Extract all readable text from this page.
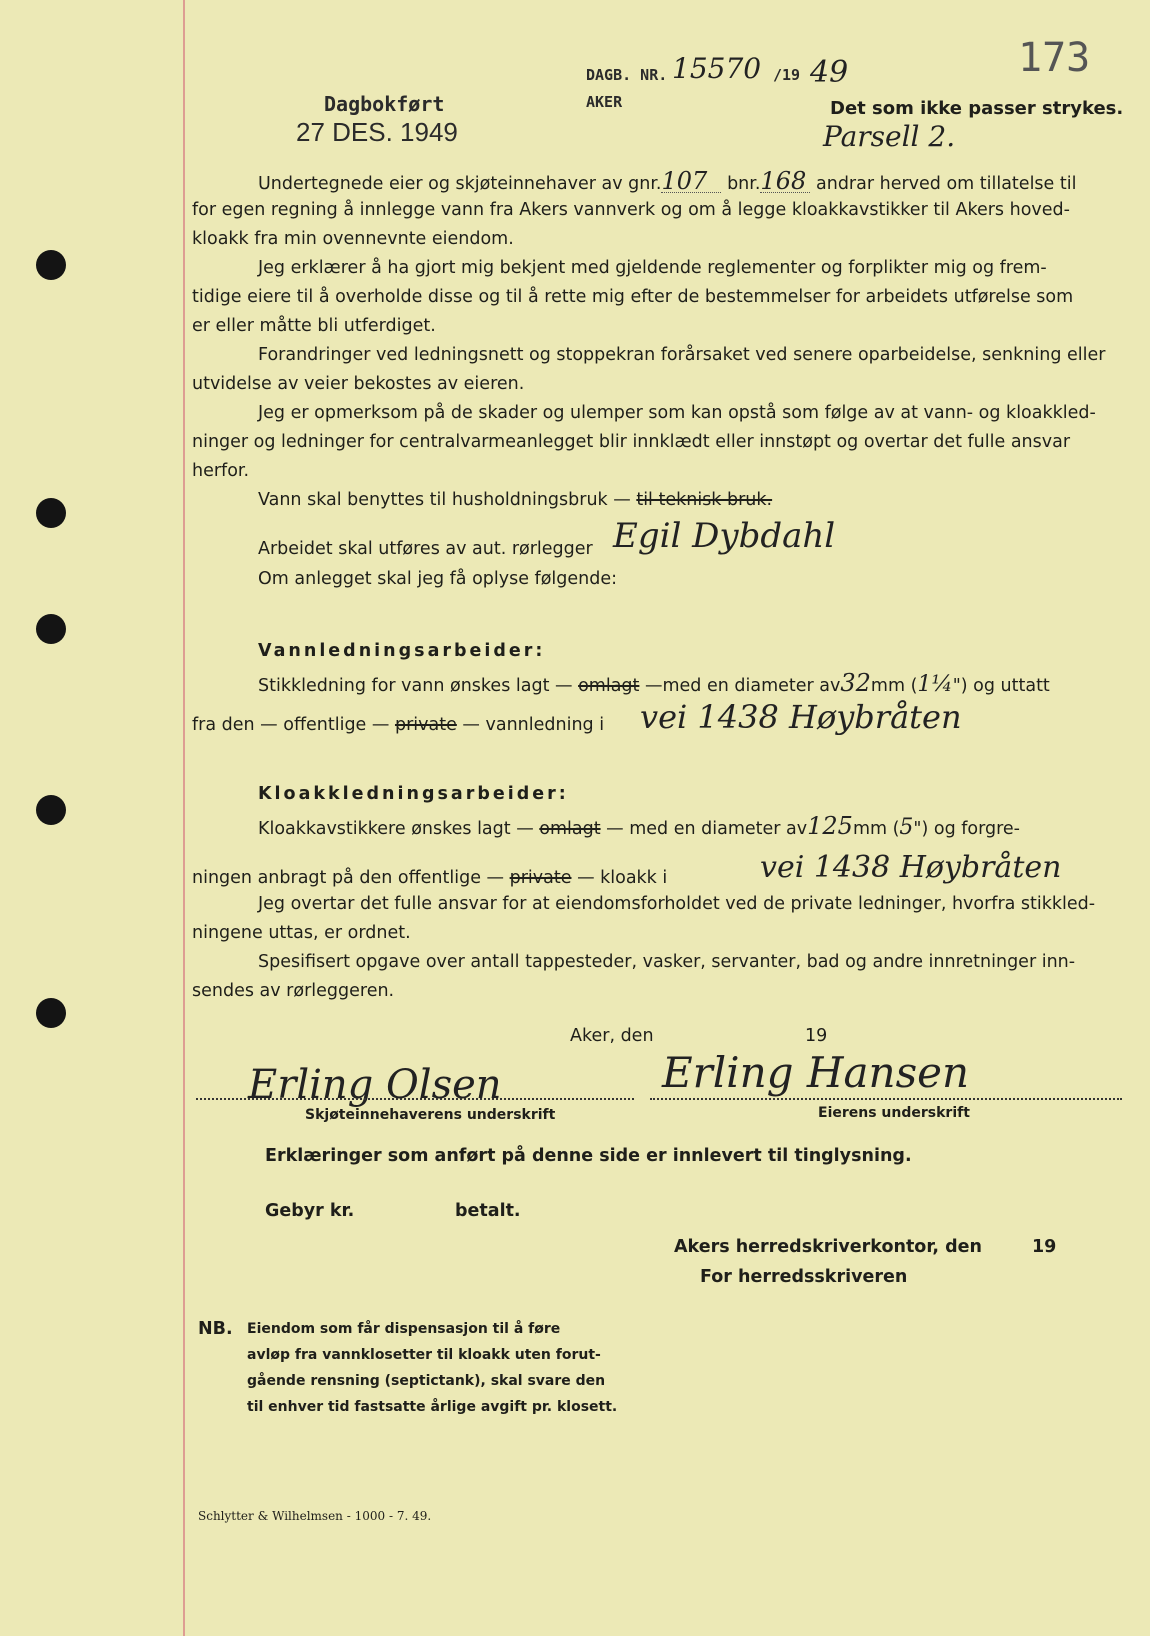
Dagbokført
27 DES. 1949
DAGB. NR. 15570 /19 49
AKER
173
Det som ikke passer strykes.
Parsell 2.
Undertegnede eier og skjøteinnehaver av gnr.107 bnr.168 andrar herved om tillatelse til
for egen regning å innlegge vann fra Akers vannverk og om å legge kloakkavstikker til Akers hoved-
kloakk fra min ovennevnte eiendom.
Jeg erklærer å ha gjort mig bekjent med gjeldende reglementer og forplikter mig og frem-
tidige eiere til å overholde disse og til å rette mig efter de bestemmelser for arbeidets utførelse som
er eller måtte bli utferdiget.
Forandringer ved ledningsnett og stoppekran forårsaket ved senere oparbeidelse, senkning eller
utvidelse av veier bekostes av eieren.
Jeg er opmerksom på de skader og ulemper som kan opstå som følge av at vann- og kloakkled-
ninger og ledninger for centralvarmeanlegget blir innklædt eller innstøpt og overtar det fulle ansvar
herfor.
Vann skal benyttes til husholdningsbruk — til teknisk bruk.
Arbeidet skal utføres av aut. rørlegger Egil Dybdahl
Om anlegget skal jeg få oplyse følgende:
Vannledningsarbeider:
Stikkledning for vann ønskes lagt — omlagt —med en diameter av32mm (1¼") og uttatt
fra den — offentlige — private — vannledning i vei 1438 Høybråten
Kloakkledningsarbeider:
Kloakkavstikkere ønskes lagt — omlagt — med en diameter av125mm (5") og forgre-
ningen anbragt på den offentlige — private — kloakk i	vei 1438 Høybråten
Jeg overtar det fulle ansvar for at eiendomsforholdet ved de private ledninger, hvorfra stikkled-
ningene uttas, er ordnet.
Spesifisert opgave over antall tappesteder, vasker, servanter, bad og andre innretninger inn-
sendes av rørleggeren.
Aker, den	19
Erling Olsen	Erling Hansen
Skjøteinnehaverens underskrift	Eierens underskrift
Erklæringer som anført på denne side er innlevert til tinglysning.
Gebyr kr.	betalt.
Akers herredskriverkontor, den	19
For herredsskriveren
NB. Eiendom som får dispensasjon til å føre
avløp fra vannklosetter til kloakk uten forut-
gående rensning (septictank), skal svare den
til enhver tid fastsatte årlige avgift pr. klosett.
Schlytter & Wilhelmsen - 1000 - 7. 49.
